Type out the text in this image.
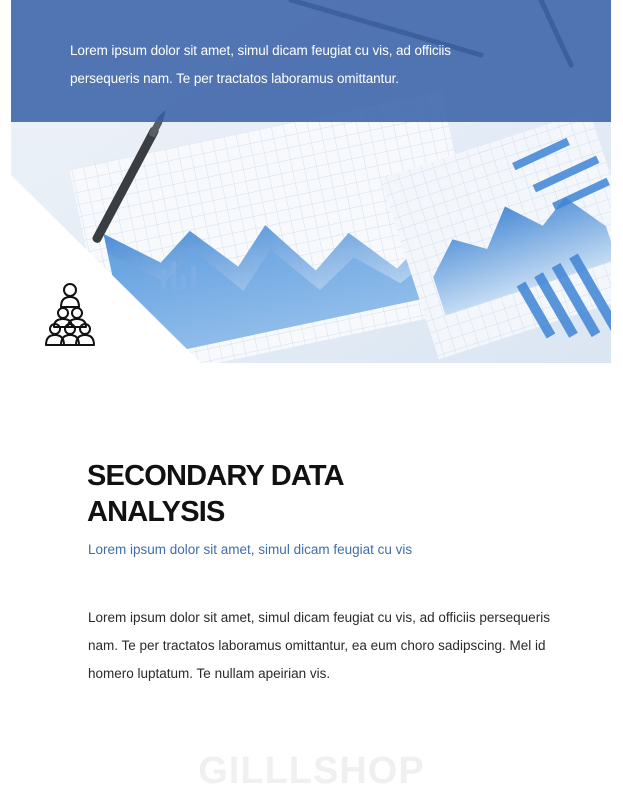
Lorem ipsum dolor sit amet, simul dicam feugiat cu vis, ad officiis persequeris nam. Te per tractatos laboramus omittantur.
SECONDARY DATA
ANALYSIS
Lorem ipsum dolor sit amet, simul dicam feugiat cu vis
Lorem ipsum dolor sit amet, simul dicam feugiat cu vis, ad officiis persequeris nam. Te per tractatos laboramus omittantur, ea eum choro sadipscing. Mel id homero luptatum. Te nullam apeirian vis.
GILLLSHOP
